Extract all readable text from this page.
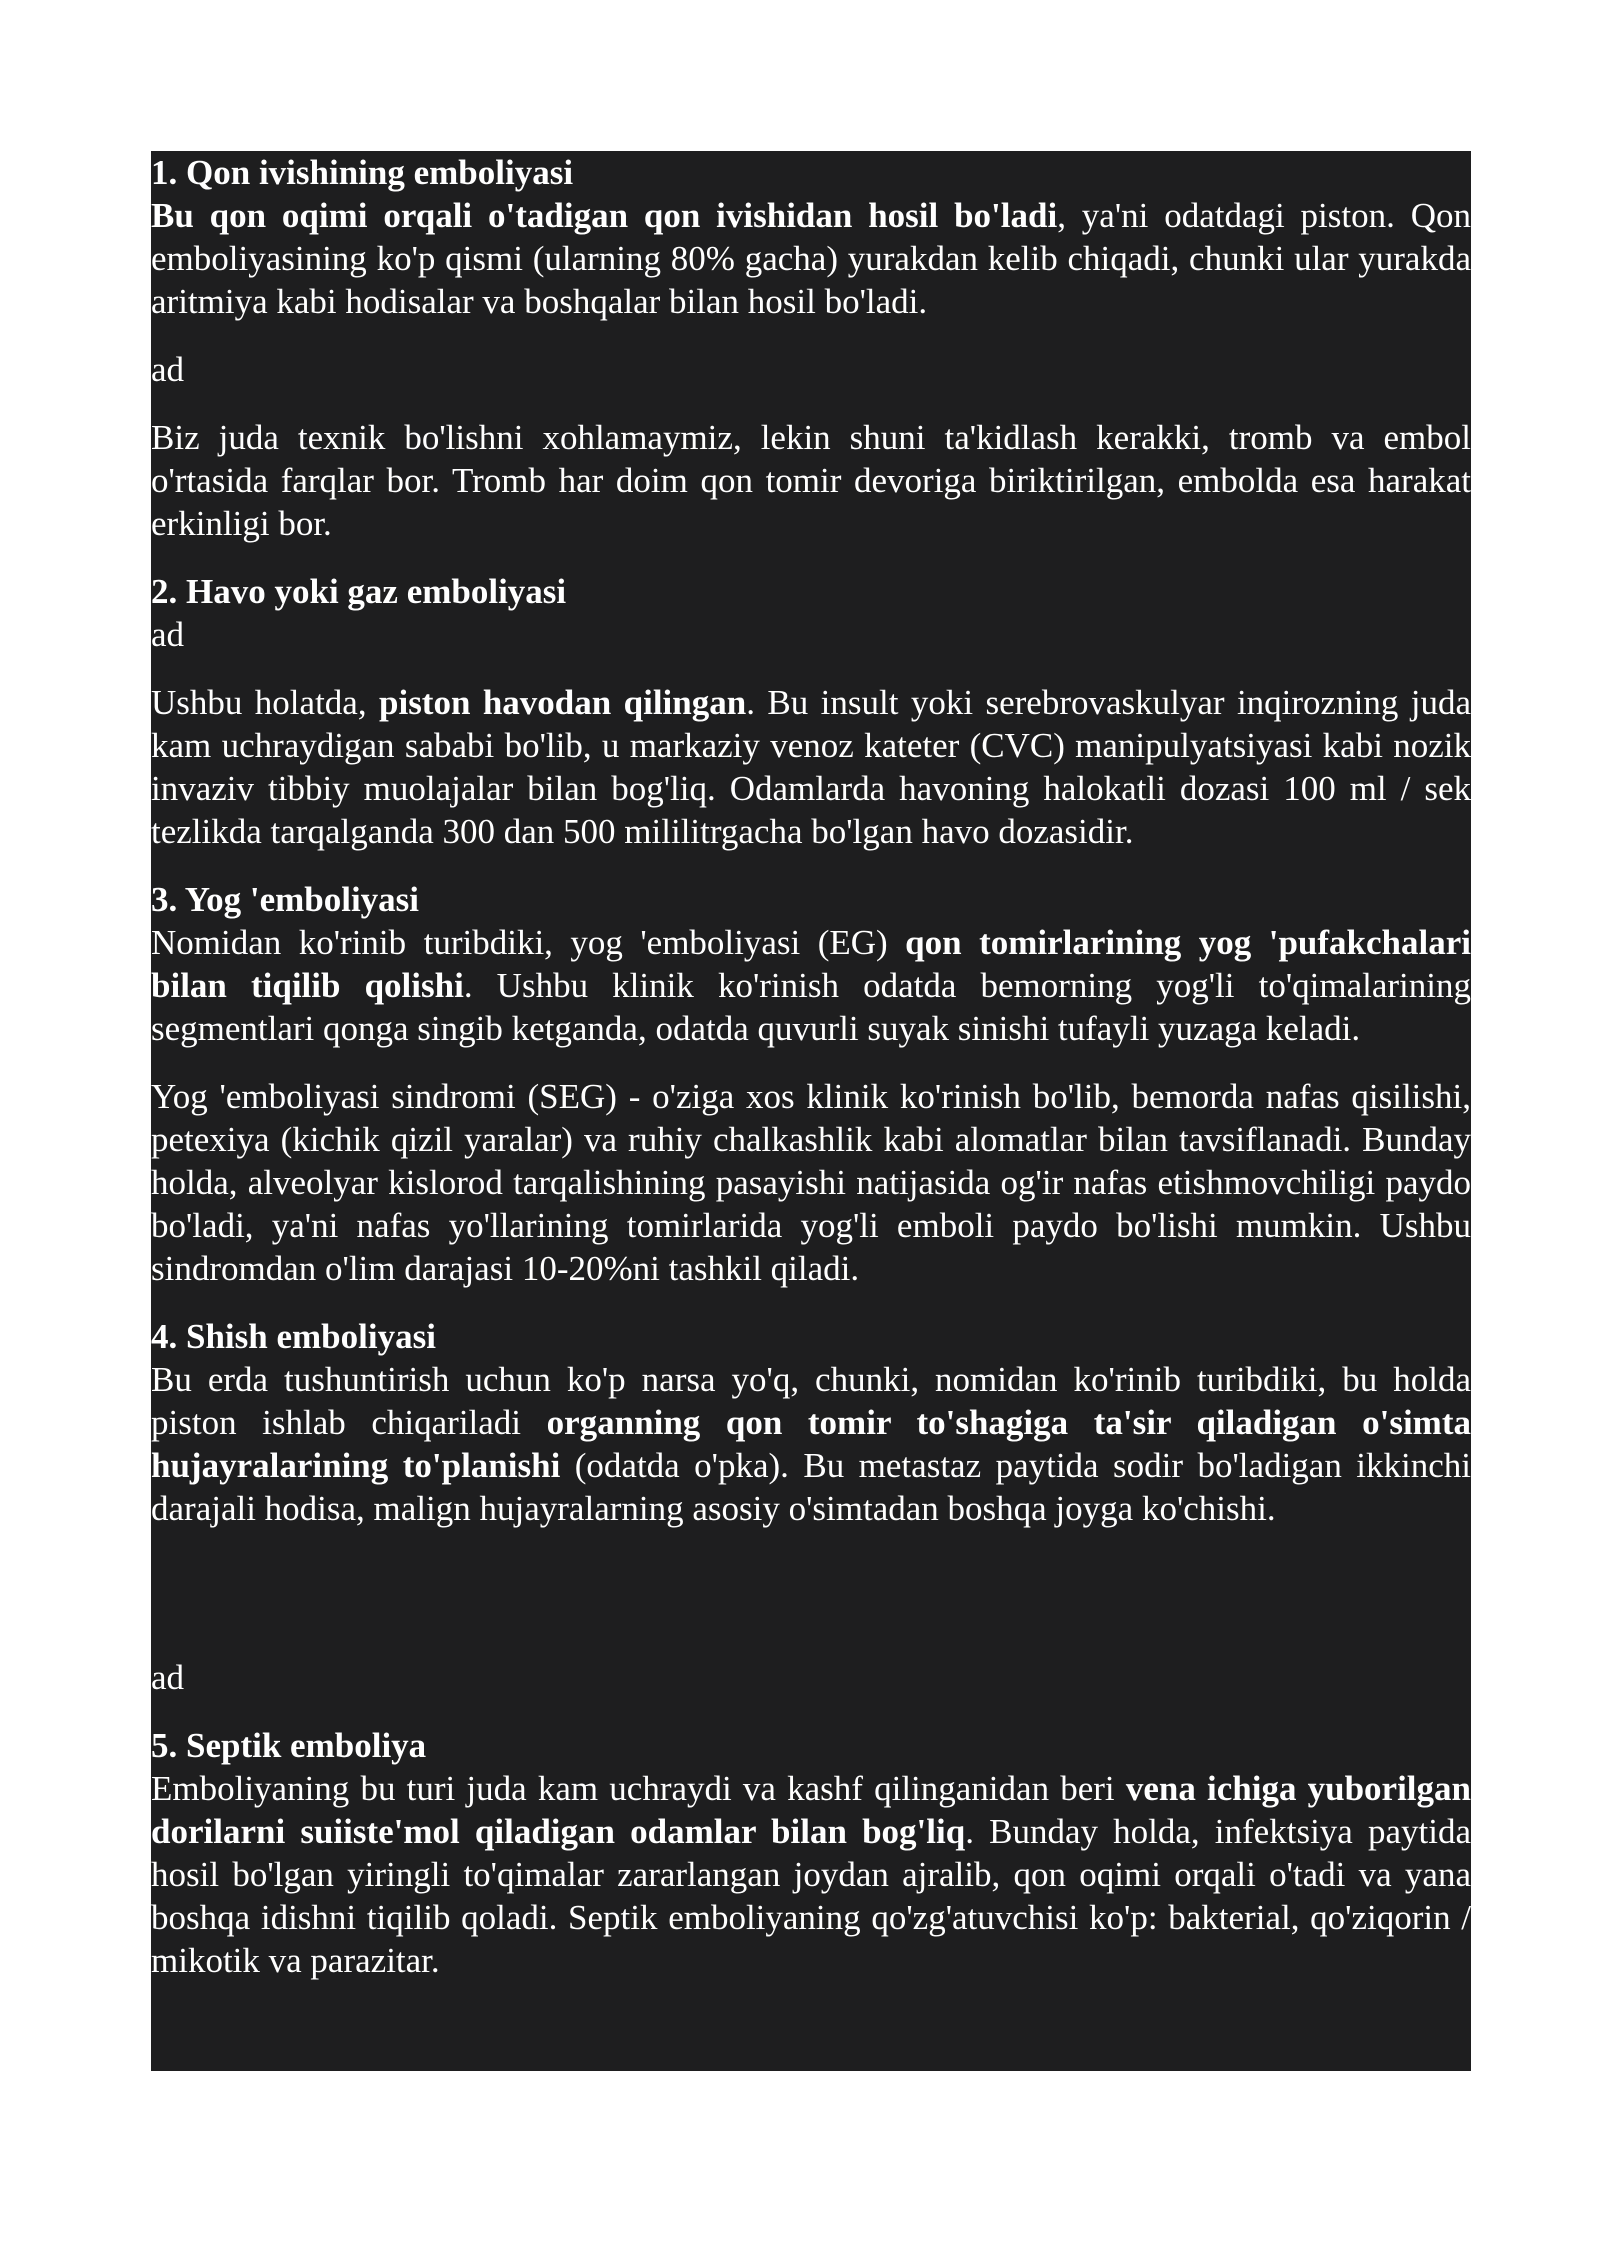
1. Qon ivishining emboliyasi

Bu qon oqimi orqali o'tadigan qon ivishidan hosil bo'ladi, ya'ni odatdagi piston. Qon emboliyasining ko'p qismi (ularning 80% gacha) yurakdan kelib chiqadi, chunki ular yurakda aritmiya kabi hodisalar va boshqalar bilan hosil bo'ladi.

ad

Biz juda texnik bo'lishni xohlamaymiz, lekin shuni ta'kidlash kerakki, tromb va embol o'rtasida farqlar bor. Tromb har doim qon tomir devoriga biriktirilgan, embolda esa harakat erkinligi bor.

2. Havo yoki gaz emboliyasi

ad

Ushbu holatda, piston havodan qilingan. Bu insult yoki serebrovaskulyar inqirozning juda kam uchraydigan sababi bo'lib, u markaziy venoz kateter (CVC) manipulyatsiyasi kabi nozik invaziv tibbiy muolajalar bilan bog'liq. Odamlarda havoning halokatli dozasi 100 ml / sek tezlikda tarqalganda 300 dan 500 mililitrgacha bo'lgan havo dozasidir.

3. Yog 'emboliyasi

Nomidan ko'rinib turibdiki, yog 'emboliyasi (EG) qon tomirlarining yog 'pufakchalari bilan tiqilib qolishi. Ushbu klinik ko'rinish odatda bemorning yog'li to'qimalarining segmentlari qonga singib ketganda, odatda quvurli suyak sinishi tufayli yuzaga keladi.

Yog 'emboliyasi sindromi (SEG) - o'ziga xos klinik ko'rinish bo'lib, bemorda nafas qisilishi, petexiya (kichik qizil yaralar) va ruhiy chalkashlik kabi alomatlar bilan tavsiflanadi. Bunday holda, alveolyar kislorod tarqalishining pasayishi natijasida og'ir nafas etishmovchiligi paydo bo'ladi, ya'ni nafas yo'llarining tomirlarida yog'li emboli paydo bo'lishi mumkin. Ushbu sindromdan o'lim darajasi 10-20%ni tashkil qiladi.

4. Shish emboliyasi

Bu erda tushuntirish uchun ko'p narsa yo'q, chunki, nomidan ko'rinib turibdiki, bu holda piston ishlab chiqariladi organning qon tomir to'shagiga ta'sir qiladigan o'simta hujayralarining to'planishi (odatda o'pka). Bu metastaz paytida sodir bo'ladigan ikkinchi darajali hodisa, malign hujayralarning asosiy o'simtadan boshqa joyga ko'chishi.

ad

5. Septik emboliya

Emboliyaning bu turi juda kam uchraydi va kashf qilinganidan beri vena ichiga yuborilgan dorilarni suiiste'mol qiladigan odamlar bilan bog'liq. Bunday holda, infektsiya paytida hosil bo'lgan yiringli to'qimalar zararlangan joydan ajralib, qon oqimi orqali o'tadi va yana boshqa idishni tiqilib qoladi. Septik emboliyaning qo'zg'atuvchisi ko'p: bakterial, qo'ziqorin / mikotik va parazitar.
